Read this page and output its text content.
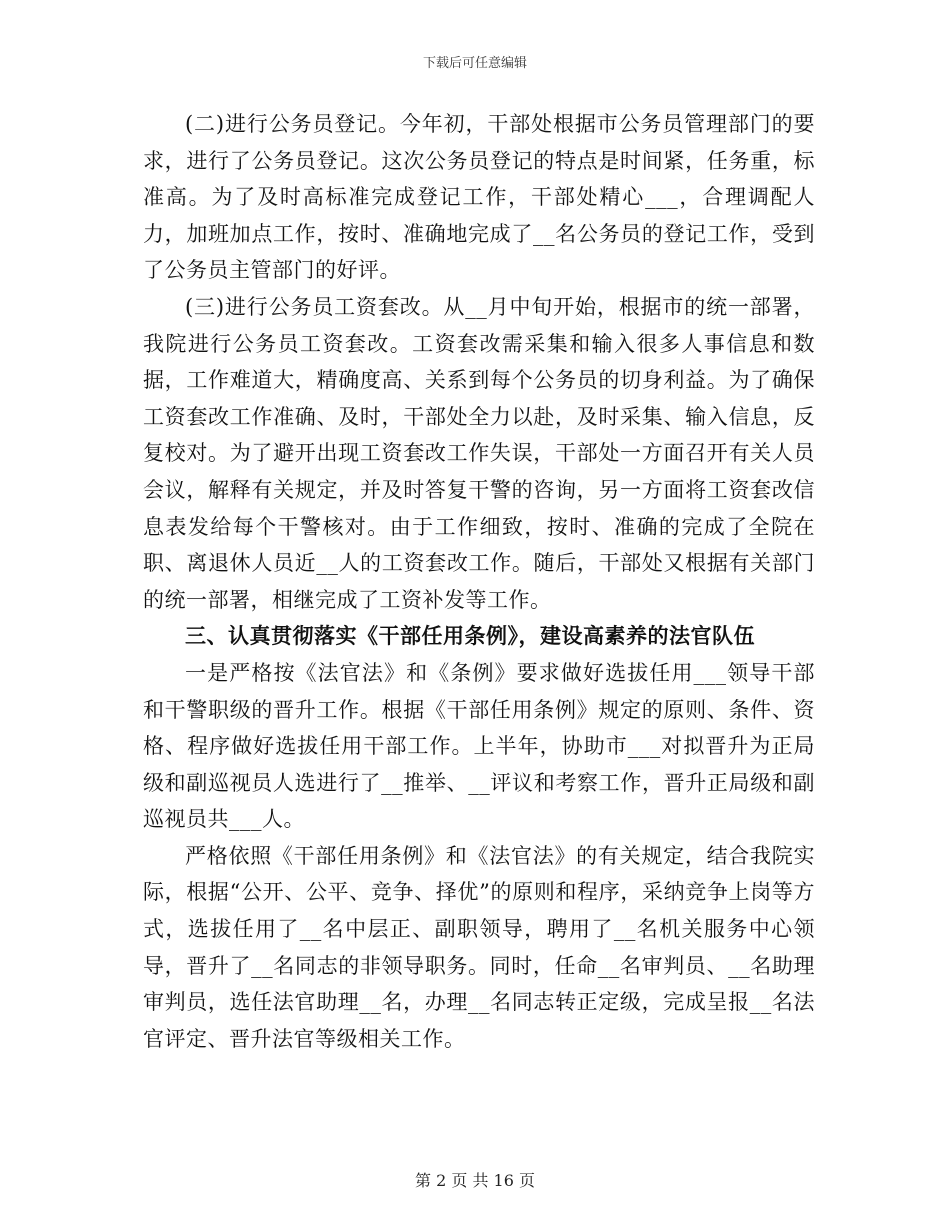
下载后可任意编辑

(二)进行公务员登记。今年初，干部处根据市公务员管理部门的要求，进行了公务员登记。这次公务员登记的特点是时间紧，任务重，标准高。为了及时高标准完成登记工作，干部处精心___，合理调配人力，加班加点工作，按时、准确地完成了__名公务员的登记工作，受到了公务员主管部门的好评。

(三)进行公务员工资套改。从__月中旬开始，根据市的统一部署，我院进行公务员工资套改。工资套改需采集和输入很多人事信息和数据，工作难道大，精确度高、关系到每个公务员的切身利益。为了确保工资套改工作准确、及时，干部处全力以赴，及时采集、输入信息，反复校对。为了避开出现工资套改工作失误，干部处一方面召开有关人员会议，解释有关规定，并及时答复干警的咨询，另一方面将工资套改信息表发给每个干警核对。由于工作细致，按时、准确的完成了全院在职、离退休人员近__人的工资套改工作。随后，干部处又根据有关部门的统一部署，相继完成了工资补发等工作。

三、认真贯彻落实《干部任用条例》，建设高素养的法官队伍

一是严格按《法官法》和《条例》要求做好选拔任用___领导干部和干警职级的晋升工作。根据《干部任用条例》规定的原则、条件、资格、程序做好选拔任用干部工作。上半年，协助市___对拟晋升为正局级和副巡视员人选进行了__推举、__评议和考察工作，晋升正局级和副巡视员共___人。

严格依照《干部任用条例》和《法官法》的有关规定，结合我院实际，根据“公开、公平、竞争、择优”的原则和程序，采纳竞争上岗等方式，选拔任用了__名中层正、副职领导，聘用了__名机关服务中心领导，晋升了__名同志的非领导职务。同时，任命__名审判员、__名助理审判员，选任法官助理__名，办理__名同志转正定级，完成呈报__名法官评定、晋升法官等级相关工作。

第 2 页 共 16 页
